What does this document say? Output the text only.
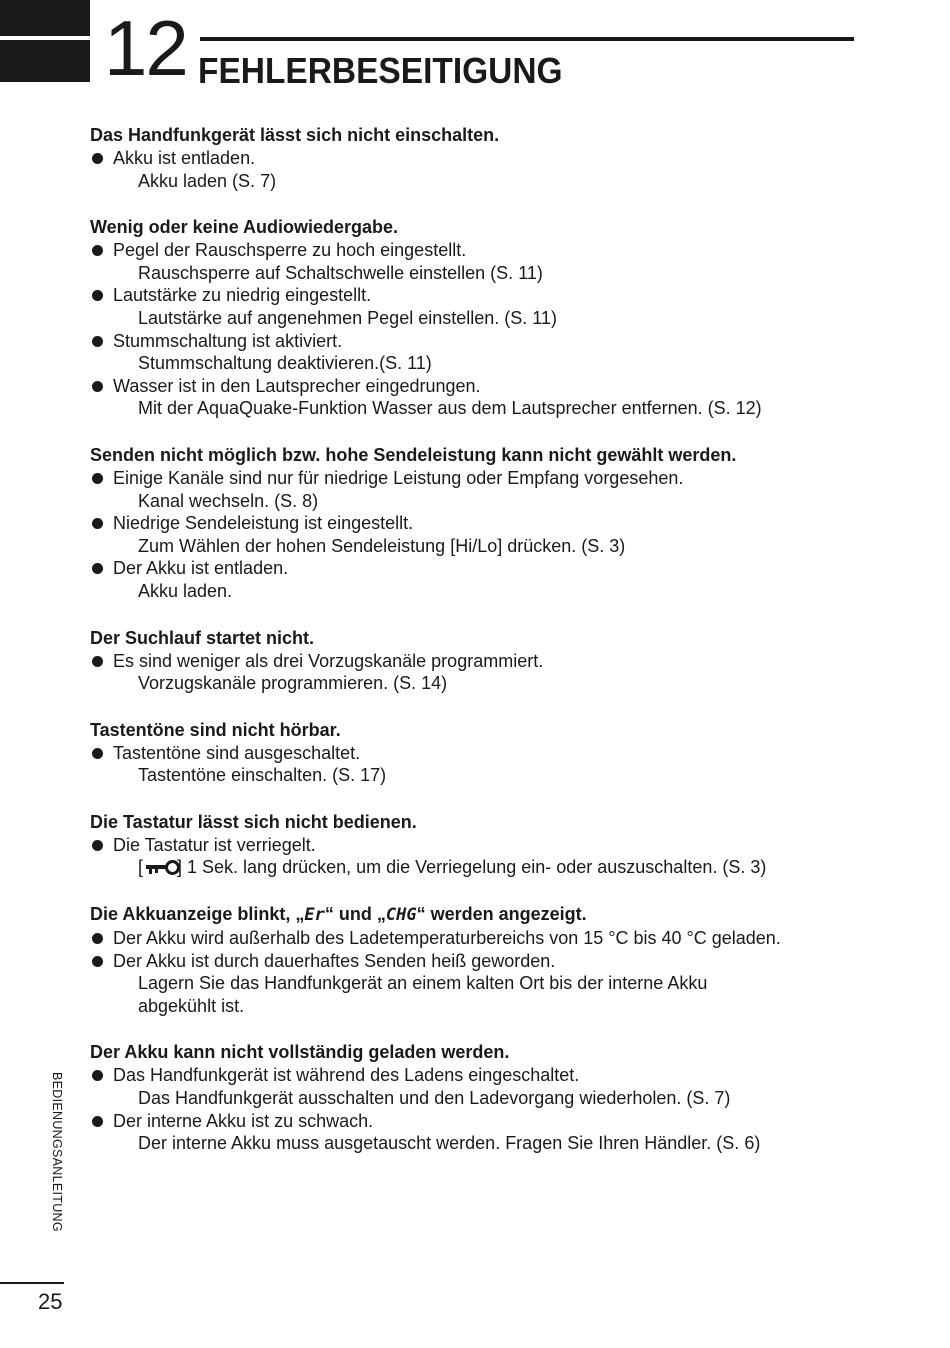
12 FEHLERBESEITIGUNG
Das Handfunkgerät lässt sich nicht einschalten.
Akku ist entladen.
Akku laden (S. 7)
Wenig oder keine Audiowiedergabe.
Pegel der Rauschsperre zu hoch eingestellt.
Rauschsperre auf Schaltschwelle einstellen (S. 11)
Lautstärke zu niedrig eingestellt.
Lautstärke auf angenehmen Pegel einstellen. (S. 11)
Stummschaltung ist aktiviert.
Stummschaltung deaktivieren.(S. 11)
Wasser ist in den Lautsprecher eingedrungen.
Mit der AquaQuake-Funktion Wasser aus dem Lautsprecher entfernen. (S. 12)
Senden nicht möglich bzw. hohe Sendeleistung kann nicht gewählt werden.
Einige Kanäle sind nur für niedrige Leistung oder Empfang vorgesehen.
Kanal wechseln. (S. 8)
Niedrige Sendeleistung ist eingestellt.
Zum Wählen der hohen Sendeleistung [Hi/Lo] drücken. (S. 3)
Der Akku ist entladen.
Akku laden.
Der Suchlauf startet nicht.
Es sind weniger als drei Vorzugskanäle programmiert.
Vorzugskanäle programmieren. (S. 14)
Tastentöne sind nicht hörbar.
Tastentöne sind ausgeschaltet.
Tastentöne einschalten. (S. 17)
Die Tastatur lässt sich nicht bedienen.
Die Tastatur ist verriegelt.
[ ] 1 Sek. lang drücken, um die Verriegelung ein- oder auszuschalten. (S. 3)
Die Akkuanzeige blinkt, „Er“ und „CHG“ werden angezeigt.
Der Akku wird außerhalb des Ladetemperaturbereichs von 15 °C bis 40 °C geladen.
Der Akku ist durch dauerhaftes Senden heiß geworden.
Lagern Sie das Handfunkgerät an einem kalten Ort bis der interne Akku
abgekühlt ist.
Der Akku kann nicht vollständig geladen werden.
Das Handfunkgerät ist während des Ladens eingeschaltet.
Das Handfunkgerät ausschalten und den Ladevorgang wiederholen. (S. 7)
Der interne Akku ist zu schwach.
Der interne Akku muss ausgetauscht werden. Fragen Sie Ihren Händler. (S. 6)
BEDIENUNGSANLEITUNG
25
